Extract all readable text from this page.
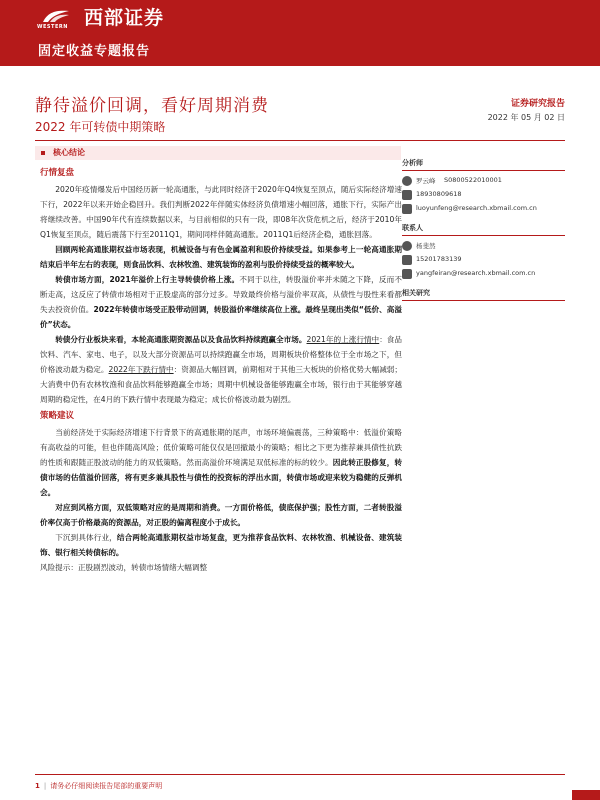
WESTERN 西部证券
固定收益专题报告
静待溢价回调，看好周期消费
2022 年可转债中期策略
证券研究报告
2022 年 05 月 02 日
核心结论
行情复盘

2020年疫情爆发后中国经历新一轮高通胀，与此同时经济于2020年Q4恢复至顶点，随后实际经济增速下行，2022年以来开始企稳回升。我们判断2022年伴随实体经济负债增速小幅回落，通胀下行，实际产出将继续改善。中国90年代有连续数据以来，与目前相似的只有一段，即08年次贷危机之后，经济于2010年Q1恢复至顶点，随后震荡下行至2011Q1，期间同样伴随高通胀。2011Q1后经济企稳，通胀回落。

回顾两轮高通胀期权益市场表现，机械设备与有色金属盈利和股价持续受益。如果参考上一轮高通胀期结束后半年左右的表现，则食品饮料、农林牧渔、建筑装饰的盈利与股价持续受益的概率较大。

转债市场方面，2021年溢价上行主导转债价格上涨。不同于以往，转股溢价率并未随之下降，反而不断走高，这反应了转债市场相对于正股虚高的部分过多。导致最终价格与溢价率双高，从债性与股性来看都失去投资价值。2022年转债市场受正股带动回调，转股溢价率继续高位上涨。最终呈现出类似“低价、高溢价”状态。

转债分行业板块来看，本轮高通胀期资源品以及食品饮料持续跑赢全市场。2021年的上涨行情中：食品饮料、汽车、家电、电子，以及大部分资源品可以持续跑赢全市场，周期板块价格整体位于全市场之下，但价格波动最为稳定。2022年下跌行情中：资源品大幅回调，前期相对于其他三大板块的价格优势大幅减弱；大消费中仍有农林牧渔和食品饮料能够跑赢全市场；周期中机械设备能够跑赢全市场，银行由于其能够穿越周期的稳定性，在4月的下跌行情中表现最为稳定；成长价格波动最为剧烈。

策略建议

当前经济处于实际经济增速下行背景下的高通胀期的尾声，市场环境偏震荡，三种策略中：低溢价策略有高收益的可能，但也伴随高风险；低价策略可能仅仅是回撤最小的策略；相比之下更为推荐兼具债性抗跌的性质和跟随正股波动的能力的双低策略。然而高溢价环境满足双低标准的标的较少。因此转正股修复，转债市场的估值溢价回落，将有更多兼具股性与债性的投资标的浮出水面，转债市场或迎来较为稳健的反弹机会。

对应到风格方面，双低策略对应的是周期和消费。一方面价格低，债底保护强；股性方面，二者转股溢价率仅高于价格最高的资源品，对正股的偏离程度小于成长。

下沉到具体行业，结合两轮高通胀期权益市场复盘，更为推荐食品饮料、农林牧渔、机械设备、建筑装饰、银行相关转债标的。

风险提示：正股剧烈波动，转债市场情绪大幅调整

分析师
罗云峰 S0800522010001
18930809618
luoyunfeng@research.xbmail.com.cn
联系人
杨斐然
15201783139
yangfeiran@research.xbmail.com.cn
相关研究
1 | 请务必仔细阅读报告尾部的重要声明
